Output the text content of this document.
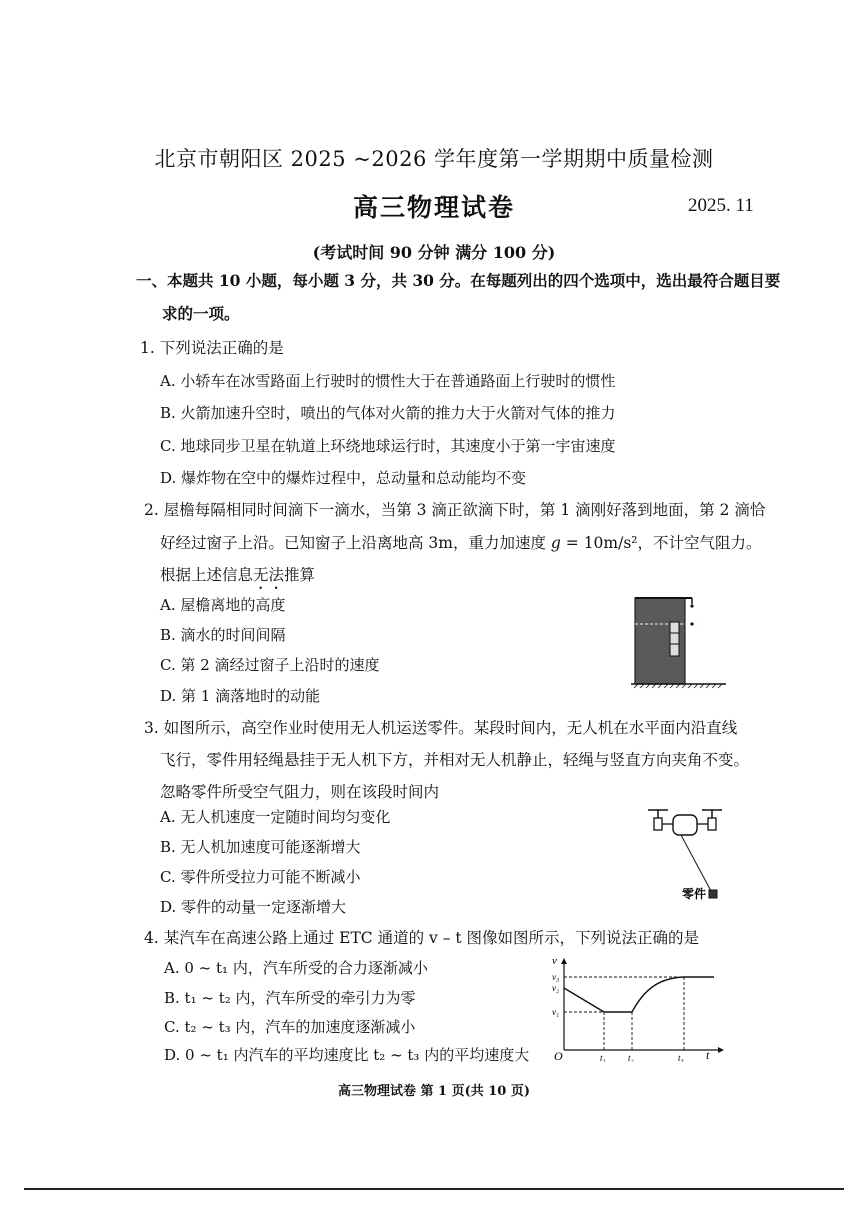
北京市朝阳区 2025 ~2026 学年度第一学期期中质量检测
高三物理试卷	2025. 11
(考试时间 90 分钟 满分 100 分)
一、本题共 10 小题，每小题 3 分，共 30 分。在每题列出的四个选项中，选出最符合题目要
求的一项。
1. 下列说法正确的是
A. 小轿车在冰雪路面上行驶时的惯性大于在普通路面上行驶时的惯性
B. 火箭加速升空时，喷出的气体对火箭的推力大于火箭对气体的推力
C. 地球同步卫星在轨道上环绕地球运行时，其速度小于第一宇宙速度
D. 爆炸物在空中的爆炸过程中，总动量和总动能均不变
2. 屋檐每隔相同时间滴下一滴水，当第 3 滴正欲滴下时，第 1 滴刚好落到地面，第 2 滴恰
好经过窗子上沿。已知窗子上沿离地高 3m，重力加速度 g = 10m/s²，不计空气阻力。
根据上述信息无法推算
A. 屋檐离地的高度
B. 滴水的时间间隔
C. 第 2 滴经过窗子上沿时的速度
D. 第 1 滴落地时的动能
3. 如图所示，高空作业时使用无人机运送零件。某段时间内，无人机在水平面内沿直线
飞行，零件用轻绳悬挂于无人机下方，并相对无人机静止，轻绳与竖直方向夹角不变。
忽略零件所受空气阻力，则在该段时间内
A. 无人机速度一定随时间均匀变化
B. 无人机加速度可能逐渐增大
C. 零件所受拉力可能不断减小
D. 零件的动量一定逐渐增大
零件
4. 某汽车在高速公路上通过 ETC 通道的 v – t 图像如图所示，下列说法正确的是
A. 0 ~ t₁ 内，汽车所受的合力逐渐减小
B. t₁ ~ t₂ 内，汽车所受的牵引力为零
C. t₂ ~ t₃ 内，汽车的加速度逐渐减小
D. 0 ~ t₁ 内汽车的平均速度比 t₂ ~ t₃ 内的平均速度大
v
t
O
v₃
v₂
v₁
t₁ t₂	t₃
高三物理试卷 第 1 页(共 10 页)
